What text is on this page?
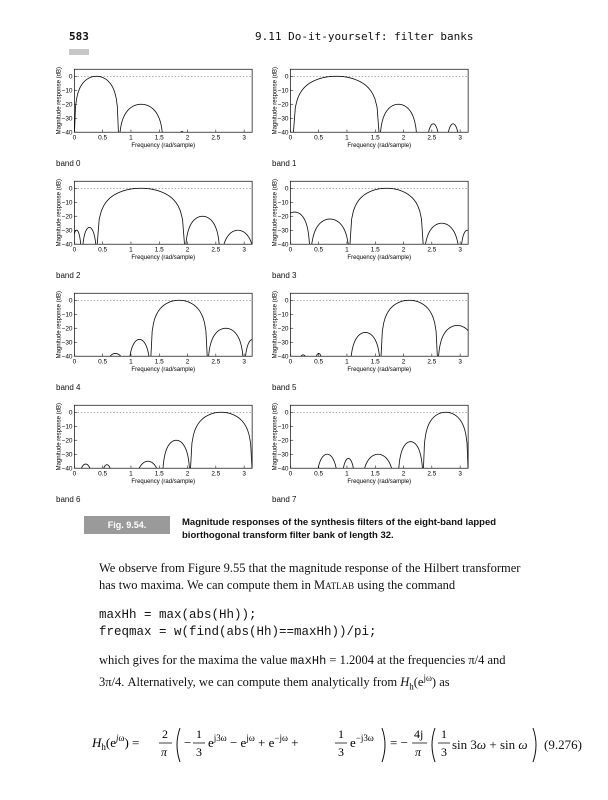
583	9.11 Do-it-yourself: filter banks
0
−10
−20
−30
−40
0	0.5	1	1.5	2	2.5	3
Frequency (rad/sample)
Magnitude response (dB)
band 0
0
−10
−20
−30
−40
0	0.5	1	1.5	2	2.5	3
Frequency (rad/sample)
Magnitude response (dB)
band 1
0
−10
−20
−30
−40
0	0.5	1	1.5	2	2.5	3
Frequency (rad/sample)
Magnitude response (dB)
band 2
0
−10
−20
−30
−40
0	0.5	1	1.5	2	2.5	3
Frequency (rad/sample)
Magnitude response (dB)
band 3
0
−10
−20
−30
−40
0	0.5	1	1.5	2	2.5	3
Frequency (rad/sample)
Magnitude response (dB)
band 4
0
−10
−20
−30
−40
0	0.5	1	1.5	2	2.5	3
Frequency (rad/sample)
Magnitude response (dB)
band 5
0
−10
−20
−30
−40
0	0.5	1	1.5	2	2.5	3
Frequency (rad/sample)
Magnitude response (dB)
band 6
0
−10
−20
−30
−40
0	0.5	1	1.5	2	2.5	3
Frequency (rad/sample)
Magnitude response (dB)
band 7
Fig. 9.54.	Magnitude responses of the synthesis filters of the eight-band lapped biorthogonal transform filter bank of length 32.
We observe from Figure 9.55 that the magnitude response of the Hilbert transformer has two maxima. We can compute them in Matlab using the command
maxHh = max(abs(Hh));
freqmax = w(find(abs(Hh)==maxHh))/pi;
which gives for the maxima the value maxHh = 1.2004 at the frequencies π/4 and 3π/4. Alternatively, we can compute them analytically from $H_h(e^{j\omega})$ as
$H_h(e^j\omega)$ =
2
π
−
1
3
$e^{j3\omega} - e^{j\omega} + e^{-j\omega}$ +
1
3
$e^{-j3\omega}$ = −
4j
π
1
3 sin 3ω + sin ω (9.276)
